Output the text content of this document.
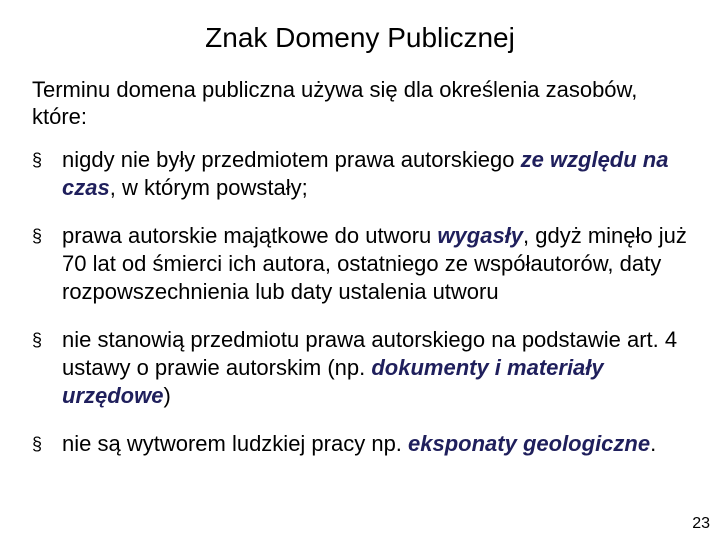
Znak Domeny Publicznej

Terminu domena publiczna używa się dla określenia zasobów, które:

§ nigdy nie były przedmiotem prawa autorskiego ze względu na czas, w którym powstały;
§ prawa autorskie majątkowe do utworu wygasły, gdyż minęło już 70 lat od śmierci ich autora, ostatniego ze współautorów, daty rozpowszechnienia lub daty ustalenia utworu
§ nie stanowią przedmiotu prawa autorskiego na podstawie art. 4 ustawy o prawie autorskim (np. dokumenty i materiały urzędowe)
§ nie są wytworem ludzkiej pracy np. eksponaty geologiczne.
23
